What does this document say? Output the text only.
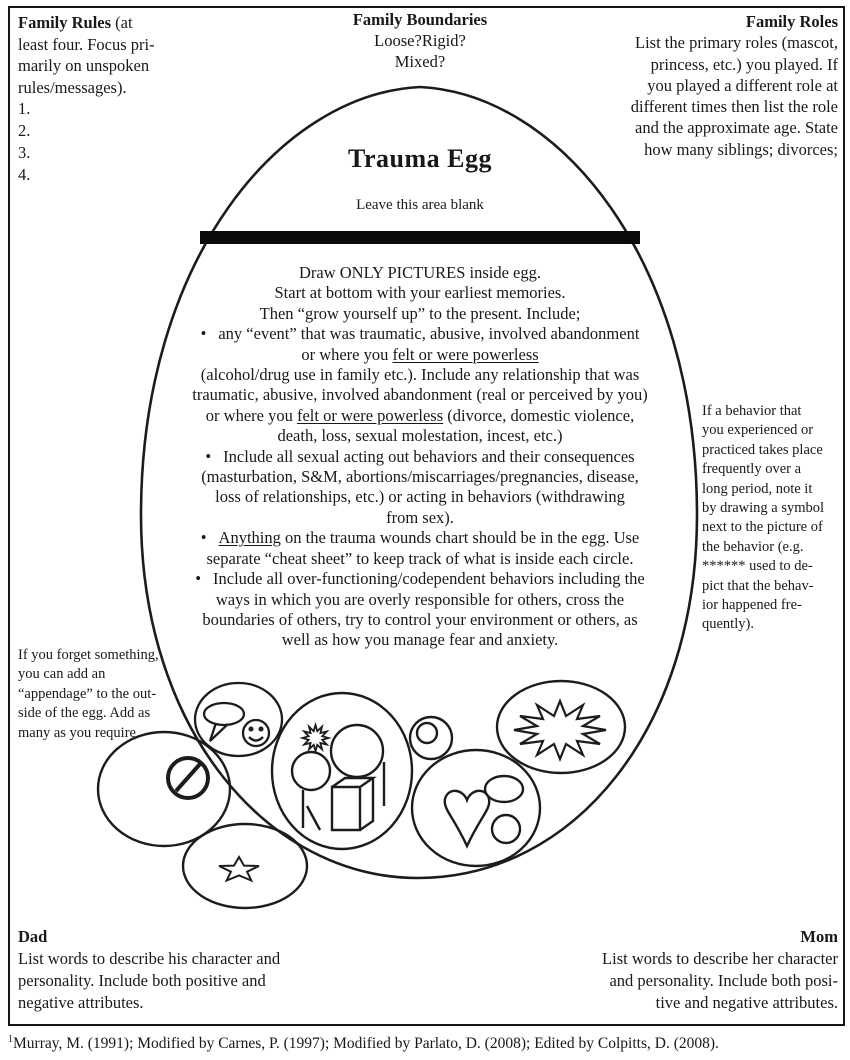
Family Rules (at
least four. Focus pri-
marily on unspoken
rules/messages).
1.
2.
3.
4.
Family Boundaries
Loose?Rigid?
Mixed?
Family Roles
List the primary roles (mascot,
princess, etc.) you played. If
you played a different role at
different times then list the role
and the approximate age. State
how many siblings; divorces;
Trauma Egg
Leave this area blank
Draw ONLY PICTURES inside egg.
Start at bottom with your earliest memories.
Then “grow yourself up” to the present. Include;
• any “event” that was traumatic, abusive, involved abandonment
or where you felt or were powerless
(alcohol/drug use in family etc.). Include any relationship that was
traumatic, abusive, involved abandonment (real or perceived by you)
or where you felt or were powerless (divorce, domestic violence,
death, loss, sexual molestation, incest, etc.)
• Include all sexual acting out behaviors and their consequences
(masturbation, S&M, abortions/miscarriages/pregnancies, disease,
loss of relationships, etc.) or acting in behaviors (withdrawing
from sex).
• Anything on the trauma wounds chart should be in the egg. Use
separate “cheat sheet” to keep track of what is inside each circle.
• Include all over-functioning/codependent behaviors including the
ways in which you are overly responsible for others, cross the
boundaries of others, try to control your environment or others, as
well as how you manage fear and anxiety.
If a behavior that
you experienced or
practiced takes place
frequently over a
long period, note it
by drawing a symbol
next to the picture of
the behavior (e.g.
****** used to de-
pict that the behav-
ior happened fre-
quently).
If you forget something,
you can add an
“appendage” to the out-
side of the egg. Add as
many as you require.
Dad
List words to describe his character and
personality. Include both positive and
negative attributes.
Mom
List words to describe her character
and personality. Include both posi-
tive and negative attributes.
$^1$Murray, M. (1991); Modified by Carnes, P. (1997); Modified by Parlato, D. (2008); Edited by Colpitts, D. (2008).
